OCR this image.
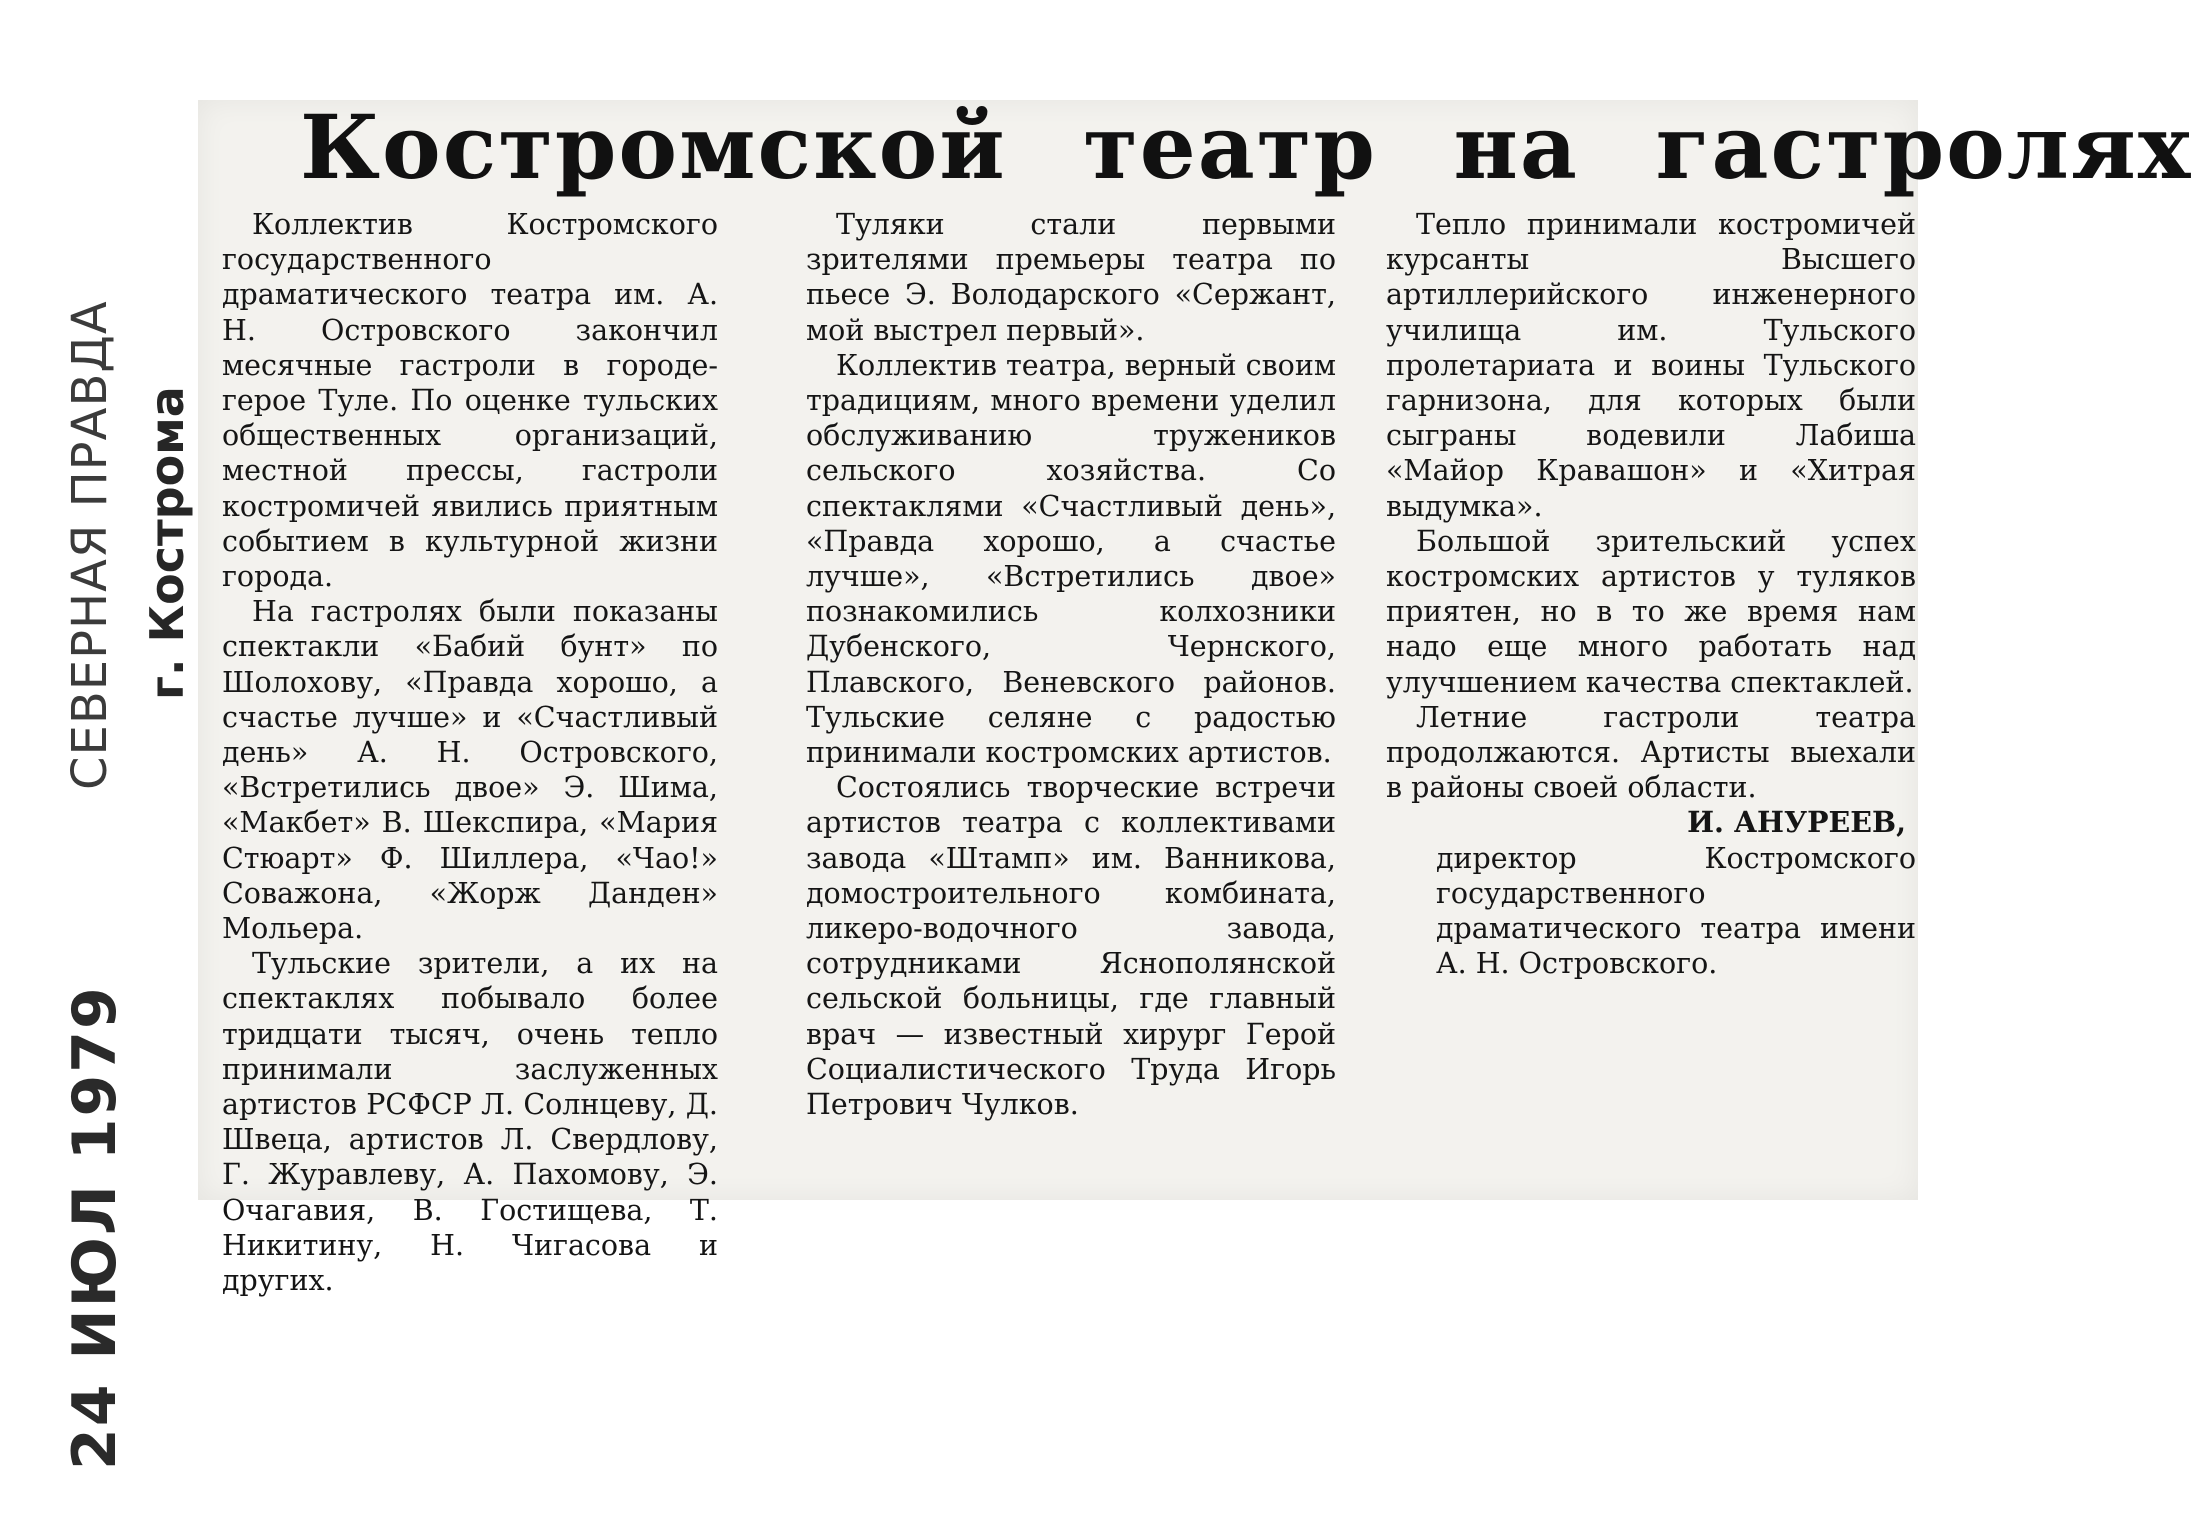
СЕВЕРНАЯ ПРАВДА г. Кострома
24 ИЮЛ 1979
Костромской театр на гастролях

Коллектив Костромского государственного драматического театра им. А. Н. Островского закончил месячные гастроли в городе-герое Туле. По оценке тульских общественных организаций, местной прессы, гастроли костромичей явились приятным событием в культурной жизни города.

На гастролях были показаны спектакли «Бабий бунт» по Шолохову, «Правда хорошо, а счастье лучше» и «Счастливый день» А. Н. Островского, «Встретились двое» Э. Шима, «Макбет» В. Шекспира, «Мария Стюарт» Ф. Шиллера, «Чао!» Соважона, «Жорж Данден» Мольера.

Тульские зрители, а их на спектаклях побывало более тридцати тысяч, очень тепло принимали заслуженных артистов РСФСР Л. Солнцеву, Д. Швеца, артистов Л. Свердлову, Г. Журавлеву, А. Пахомову, Э. Очагавия, В. Гостищева, Т. Никитину, Н. Чигасова и других.

Туляки стали первыми зрителями премьеры театра по пьесе Э. Володарского «Сержант, мой выстрел первый».

Коллектив театра, верный своим традициям, много времени уделил обслуживанию тружеников сельского хозяйства. Со спектаклями «Счастливый день», «Правда хорошо, а счастье лучше», «Встретились двое» познакомились колхозники Дубенского, Чернского, Плавского, Веневского районов. Тульские селяне с радостью принимали костромских артистов.

Состоялись творческие встречи артистов театра с коллективами завода «Штамп» им. Ванникова, домостроительного комбината, ликеро-водочного завода, сотрудниками Яснополянской сельской больницы, где главный врач — известный хирург Герой Социалистического Труда Игорь Петрович Чулков.

Тепло принимали костромичей курсанты Высшего артиллерийского инженерного училища им. Тульского пролетариата и воины Тульского гарнизона, для которых были сыграны водевили Лабиша «Майор Кравашон» и «Хитрая выдумка».

Большой зрительский успех костромских артистов у туляков приятен, но в то же время нам надо еще много работать над улучшением качества спектаклей.

Летние гастроли театра продолжаются. Артисты выехали в районы своей области.

И. АНУРЕЕВ,

директор Костромского государственного драматического театра имени А. Н. Островского.
